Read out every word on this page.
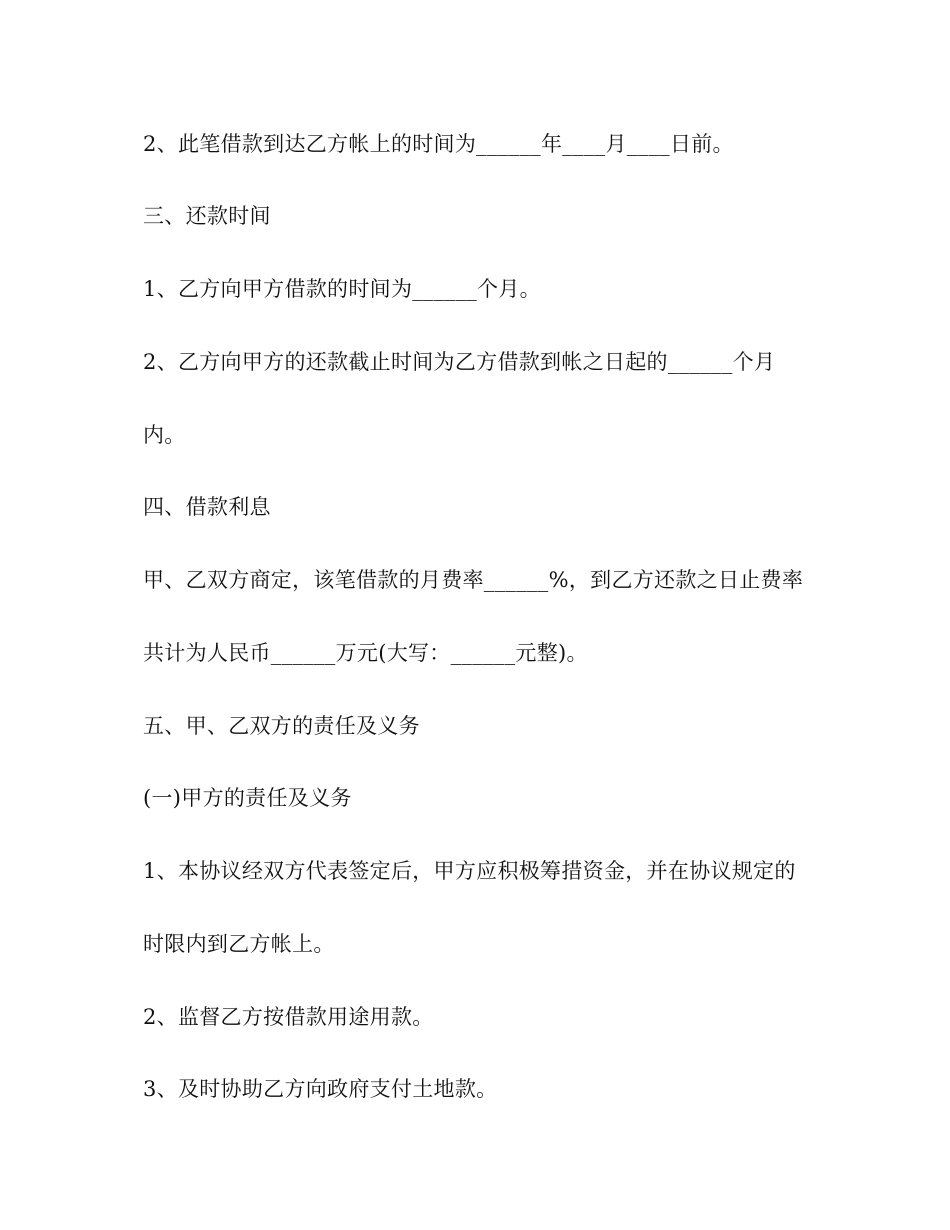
2、此笔借款到达乙方帐上的时间为______年____月____日前。
三、还款时间
1、乙方向甲方借款的时间为______个月。
2、乙方向甲方的还款截止时间为乙方借款到帐之日起的______个月
内。
四、借款利息
甲、乙双方商定，该笔借款的月费率______%，到乙方还款之日止费率
共计为人民币______万元(大写：______元整)。
五、甲、乙双方的责任及义务
(一)甲方的责任及义务
1、本协议经双方代表签定后，甲方应积极筹措资金，并在协议规定的
时限内到乙方帐上。
2、监督乙方按借款用途用款。
3、及时协助乙方向政府支付土地款。
